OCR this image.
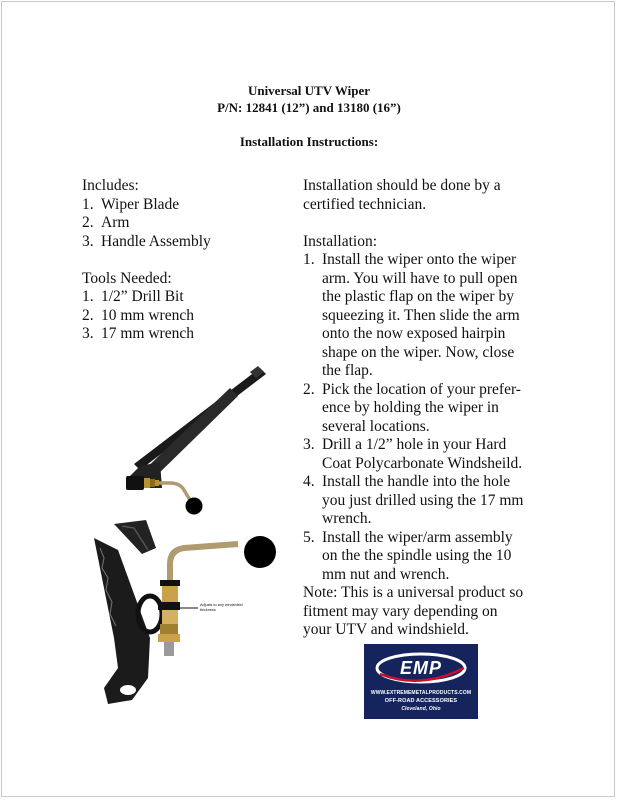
Universal UTV Wiper
P/N: 12841 (12”) and 13180 (16”)
Installation Instructions:
Includes:
1. Wiper Blade
2. Arm
3. Handle Assembly
Tools Needed:
1. 1/2” Drill Bit
2. 10 mm wrench
3. 17 mm wrench
Installation should be done by a
certified technician.
Installation:
1. Install the wiper onto the wiper
arm. You will have to pull open
the plastic flap on the wiper by
squeezing it. Then slide the arm
onto the now exposed hairpin
shape on the wiper. Now, close
the flap.
2. Pick the location of your prefer-
ence by holding the wiper in
several locations.
3. Drill a 1/2” hole in your Hard
Coat Polycarbonate Windsheild.
4. Install the handle into the hole
you just drilled using the 17 mm
wrench.
5. Install the wiper/arm assembly
on the the spindle using the 10
mm nut and wrench.
Note: This is a universal product so
fitment may vary depending on
your UTV and windshield.
Adjusts to any windshield
thickness
EMP
WWW.EXTREMEMETALPRODUCTS.COM
OFF-ROAD ACCESSORIES
Cleveland, Ohio
